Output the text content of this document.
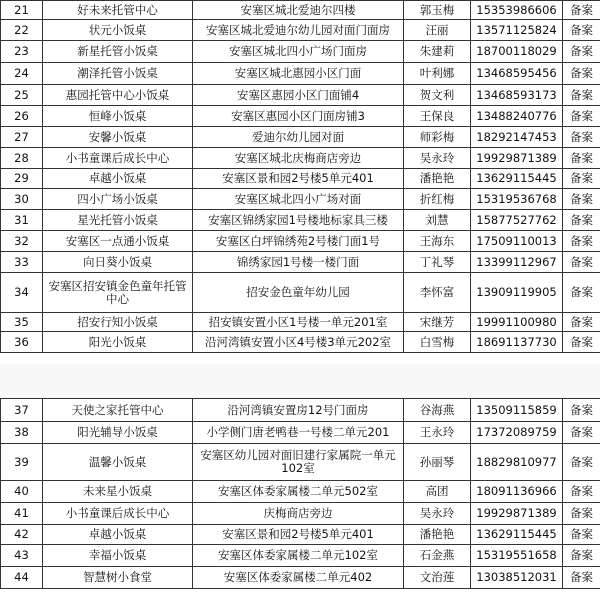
21	好未来托管中心	安塞区城北爱迪尔四楼	郭玉梅	15353986606	备案
22	状元小饭桌	安塞区城北爱迪尔幼儿园对面门面房	汪丽	13571125824	备案
23	新星托管小饭桌	安塞区城北四小广场门面房	朱建莉	18700118029	备案
24	潮泽托管小饭桌	安塞区城北惠园小区门面	叶利娜	13468595456	备案
25	惠园托管中心小饭桌	安塞区惠园小区门面铺4	贺文利	13468593173	备案
26	恒峰小饭桌	安塞区惠园小区门面房铺3	王保良	13488240776	备案
27	安馨小饭桌	爱迪尔幼儿园对面	师彩梅	18292147453	备案
28	小书童课后成长中心	安塞区城北庆梅商店旁边	吴永玲	19929871389	备案
29	卓越小饭桌	安塞区景和园2号楼5单元401	潘艳艳	13629115445	备案
30	四小广场小饭桌	安塞区城北四小广场对面	折红梅	15319536768	备案
31	星光托管小饭桌	安塞区锦绣家园1号楼地标家具三楼	刘慧	15877527762	备案
32	安塞区一点通小饭桌	安塞区白坪锦绣苑2号楼门面1号	王海东	17509110013	备案
33	向日葵小饭桌	锦绣家园1号楼一楼门面	丁礼琴	13399112967	备案
34	安塞区招安镇金色童年托管中心	招安金色童年幼儿园	李怀富	13909119905	备案
35	招安行知小饭桌	招安镇安置小区1号楼一单元201室	宋继芳	19991100980	备案
36	阳光小饭桌	沿河湾镇安置小区4号楼3单元202室	白雪梅	18691137730	备案
37	天使之家托管中心	沿河湾镇安置房12号门面房	谷海燕	13509115859	备案
38	阳光辅导小饭桌	小学侧门唐老鸭巷一号楼二单元201	王永玲	17372089759	备案
39	温馨小饭桌	安塞区幼儿园对面旧建行家属院一单元102室	孙丽琴	18829810977	备案
40	未来星小饭桌	安塞区体委家属楼二单元502室	高团	18091136966	备案
41	小书童课后成长中心	庆梅商店旁边	吴永玲	19929871389	备案
42	卓越小饭桌	安塞区景和园2号楼5单元401	潘艳艳	13629115445	备案
43	幸福小饭桌	安塞区体委家属楼二单元102室	石金燕	15319551658	备案
44	智慧树小食堂	安塞区体委家属楼二单元402	文治莲	13038512031	备案
